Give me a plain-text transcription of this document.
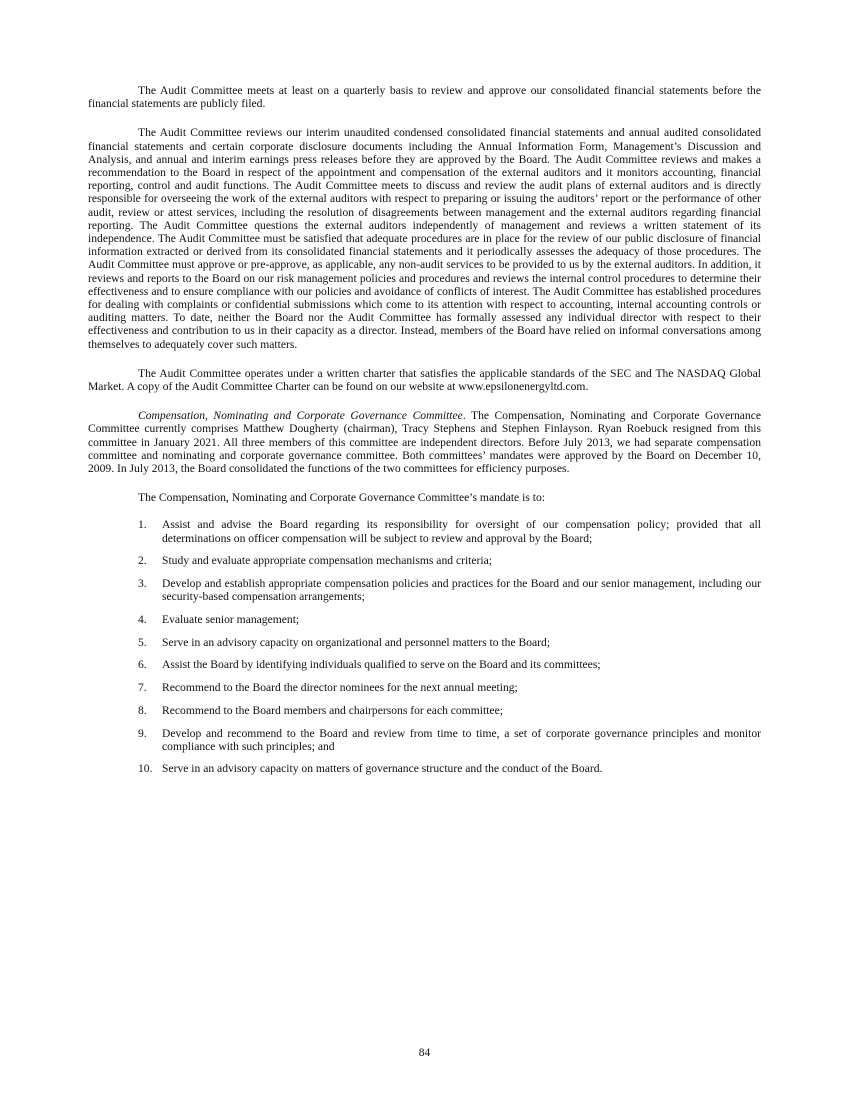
The Audit Committee meets at least on a quarterly basis to review and approve our consolidated financial statements before the financial statements are publicly filed.

The Audit Committee reviews our interim unaudited condensed consolidated financial statements and annual audited consolidated financial statements and certain corporate disclosure documents including the Annual Information Form, Management’s Discussion and Analysis, and annual and interim earnings press releases before they are approved by the Board. The Audit Committee reviews and makes a recommendation to the Board in respect of the appointment and compensation of the external auditors and it monitors accounting, financial reporting, control and audit functions. The Audit Committee meets to discuss and review the audit plans of external auditors and is directly responsible for overseeing the work of the external auditors with respect to preparing or issuing the auditors’ report or the performance of other audit, review or attest services, including the resolution of disagreements between management and the external auditors regarding financial reporting. The Audit Committee questions the external auditors independently of management and reviews a written statement of its independence. The Audit Committee must be satisfied that adequate procedures are in place for the review of our public disclosure of financial information extracted or derived from its consolidated financial statements and it periodically assesses the adequacy of those procedures. The Audit Committee must approve or pre-approve, as applicable, any non-audit services to be provided to us by the external auditors. In addition, it reviews and reports to the Board on our risk management policies and procedures and reviews the internal control procedures to determine their effectiveness and to ensure compliance with our policies and avoidance of conflicts of interest. The Audit Committee has established procedures for dealing with complaints or confidential submissions which come to its attention with respect to accounting, internal accounting controls or auditing matters. To date, neither the Board nor the Audit Committee has formally assessed any individual director with respect to their effectiveness and contribution to us in their capacity as a director. Instead, members of the Board have relied on informal conversations among themselves to adequately cover such matters.

The Audit Committee operates under a written charter that satisfies the applicable standards of the SEC and The NASDAQ Global Market. A copy of the Audit Committee Charter can be found on our website at www.epsilonenergyltd.com.

Compensation, Nominating and Corporate Governance Committee. The Compensation, Nominating and Corporate Governance Committee currently comprises Matthew Dougherty (chairman), Tracy Stephens and Stephen Finlayson. Ryan Roebuck resigned from this committee in January 2021. All three members of this committee are independent directors. Before July 2013, we had separate compensation committee and nominating and corporate governance committee. Both committees’ mandates were approved by the Board on December 10, 2009. In July 2013, the Board consolidated the functions of the two committees for efficiency purposes.

The Compensation, Nominating and Corporate Governance Committee’s mandate is to:

1.	Assist and advise the Board regarding its responsibility for oversight of our compensation policy; provided that all determinations on officer compensation will be subject to review and approval by the Board;
2.	Study and evaluate appropriate compensation mechanisms and criteria;
3.	Develop and establish appropriate compensation policies and practices for the Board and our senior management, including our security-based compensation arrangements;
4.	Evaluate senior management;
5.	Serve in an advisory capacity on organizational and personnel matters to the Board;
6.	Assist the Board by identifying individuals qualified to serve on the Board and its committees;
7.	Recommend to the Board the director nominees for the next annual meeting;
8.	Recommend to the Board members and chairpersons for each committee;
9.	Develop and recommend to the Board and review from time to time, a set of corporate governance principles and monitor compliance with such principles; and
10. Serve in an advisory capacity on matters of governance structure and the conduct of the Board.
84
